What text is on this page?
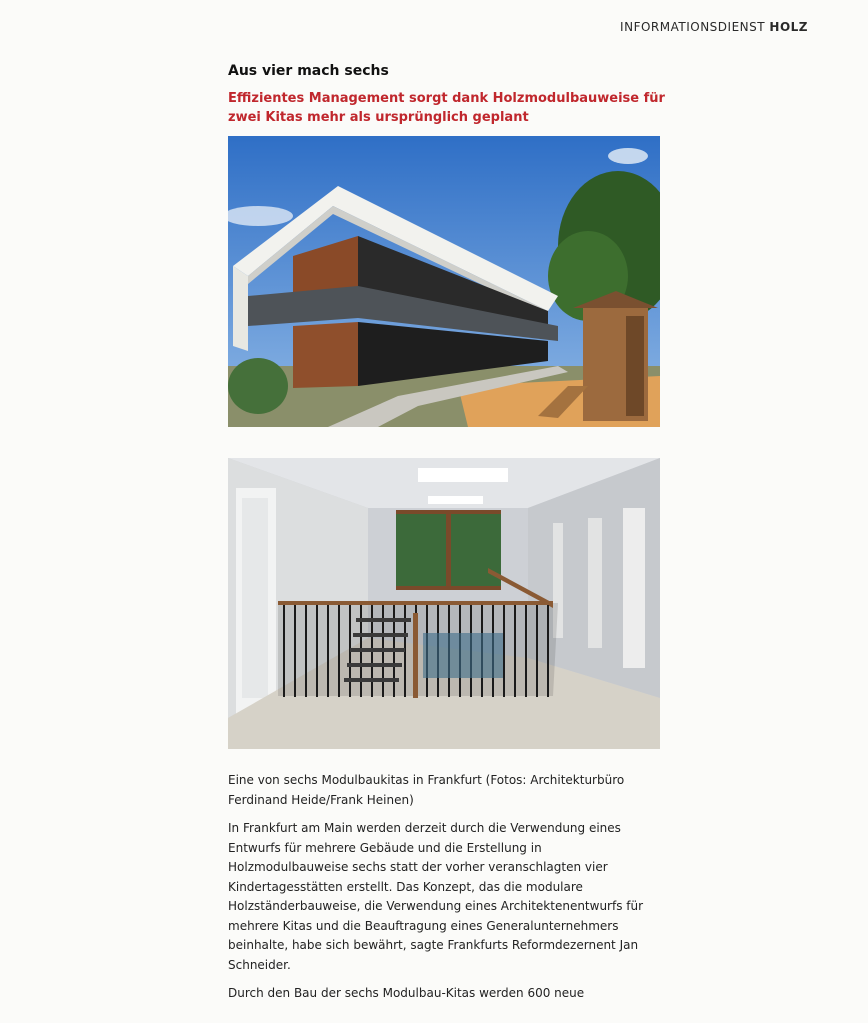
INFORMATIONSDIENST HOLZ
Aus vier mach sechs
Effizientes Management sorgt dank Holzmodulbauweise für zwei Kitas mehr als ursprünglich geplant

Eine von sechs Modulbaukitas in Frankfurt (Fotos: Architekturbüro Ferdinand Heide/Frank Heinen)

In Frankfurt am Main werden derzeit durch die Verwendung eines Entwurfs für mehrere Gebäude und die Erstellung in Holzmodulbauweise sechs statt der vorher veranschlagten vier Kindertagesstätten erstellt. Das Konzept, das die modulare Holzständerbauweise, die Verwendung eines Architektenentwurfs für mehrere Kitas und die Beauftragung eines Generalunternehmers beinhalte, habe sich bewährt, sagte Frankfurts Reformdezernent Jan Schneider.

Durch den Bau der sechs Modulbau-Kitas werden 600 neue
